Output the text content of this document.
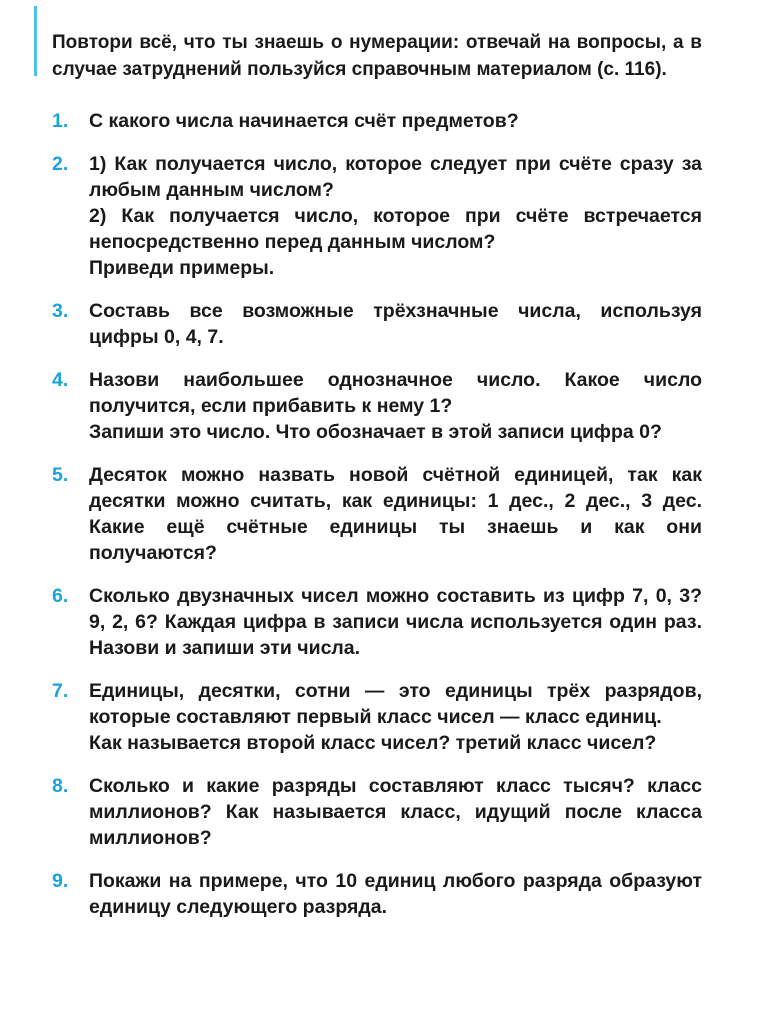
Повтори всё, что ты знаешь о нумерации: отвечай на вопросы, а в случае затруднений пользуйся справочным материалом (с. 116).

1. С какого числа начинается счёт предметов?
2. 1) Как получается число, которое следует при счёте сразу за любым данным числом?
2) Как получается число, которое при счёте встречается непосредственно перед данным числом?
Приведи примеры.
3. Составь все возможные трёхзначные числа, используя цифры 0, 4, 7.
4. Назови наибольшее однозначное число. Какое число получится, если прибавить к нему 1?
Запиши это число. Что обозначает в этой записи цифра 0?
5. Десяток можно назвать новой счётной единицей, так как десятки можно считать, как единицы: 1 дес., 2 дес., 3 дес. Какие ещё счётные единицы ты знаешь и как они получаются?
6. Сколько двузначных чисел можно составить из цифр 7, 0, 3? 9, 2, 6? Каждая цифра в записи числа используется один раз. Назови и запиши эти числа.
7. Единицы, десятки, сотни — это единицы трёх разрядов, которые составляют первый класс чисел — класс единиц.
Как называется второй класс чисел? третий класс чисел?
8. Сколько и какие разряды составляют класс тысяч? класс миллионов? Как называется класс, идущий после класса миллионов?
9. Покажи на примере, что 10 единиц любого разряда образуют единицу следующего разряда.
